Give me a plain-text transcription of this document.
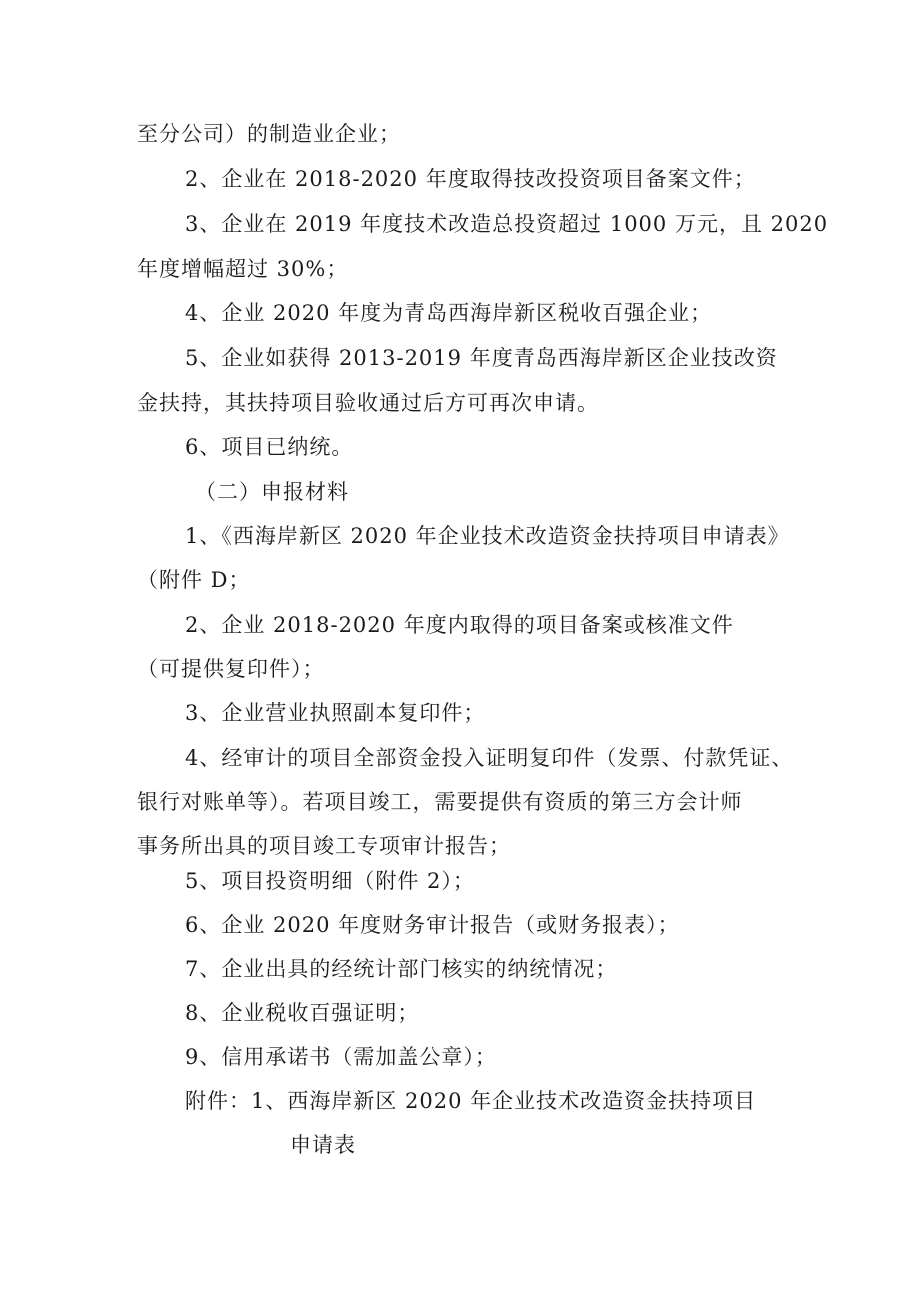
至分公司）的制造业企业；
2、企业在 2018-2020 年度取得技改投资项目备案文件；
3、企业在 2019 年度技术改造总投资超过 1000 万元，且 2020
年度增幅超过 30%；
4、企业 2020 年度为青岛西海岸新区税收百强企业；
5、企业如获得 2013-2019 年度青岛西海岸新区企业技改资
金扶持，其扶持项目验收通过后方可再次申请。
6、项目已纳统。
（二）申报材料
1、《西海岸新区 2020 年企业技术改造资金扶持项目申请表》
（附件 D；
2、企业 2018-2020 年度内取得的项目备案或核准文件
（可提供复印件）；
3、企业营业执照副本复印件；
4、经审计的项目全部资金投入证明复印件（发票、付款凭证、
银行对账单等）。若项目竣工，需要提供有资质的第三方会计师
事务所出具的项目竣工专项审计报告；
5、项目投资明细（附件 2）；
6、企业 2020 年度财务审计报告（或财务报表）；
7、企业出具的经统计部门核实的纳统情况；
8、企业税收百强证明；
9、信用承诺书（需加盖公章）；
附件：1、西海岸新区 2020 年企业技术改造资金扶持项目
申请表
